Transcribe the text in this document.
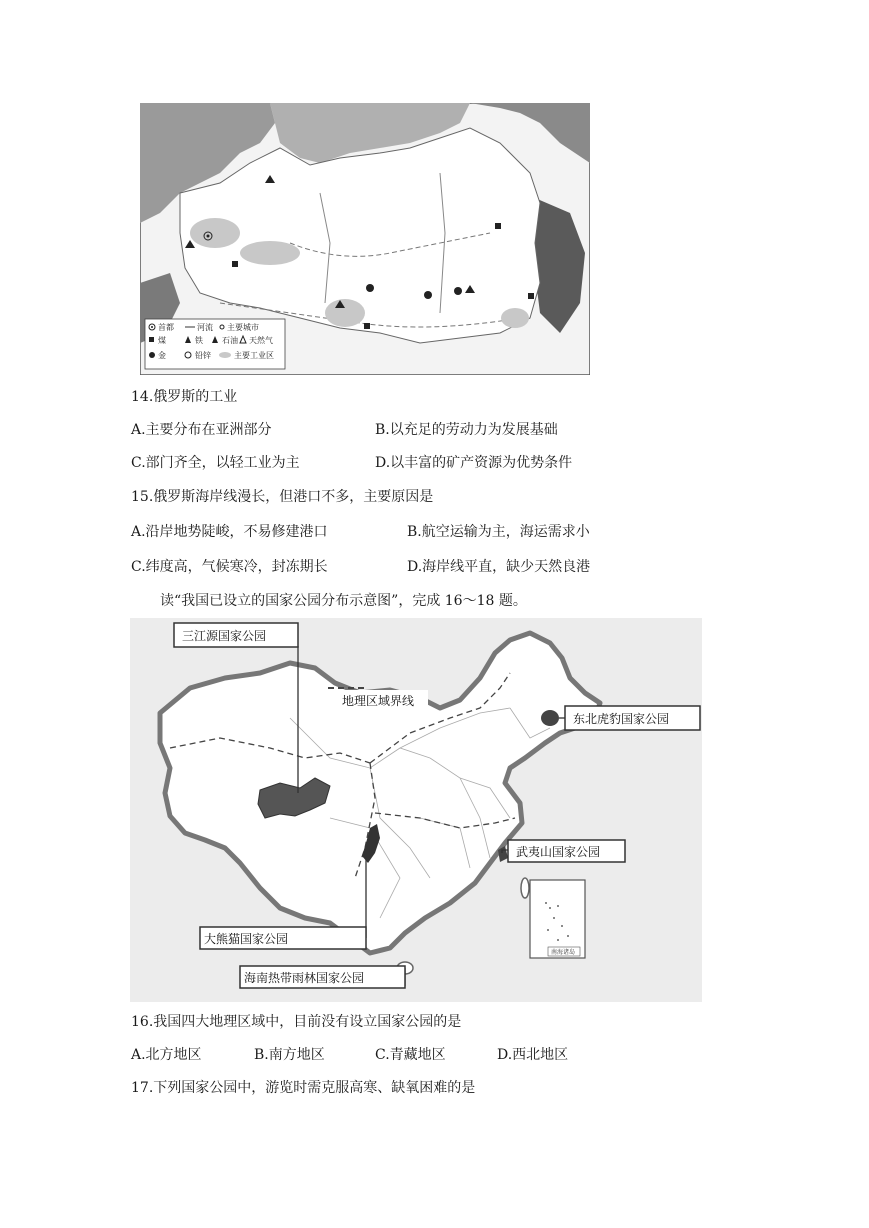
首都	河流 主要城市
煤	铁 石油 天然气
金	铅锌	主要工业区
14.俄罗斯的工业
A.主要分布在亚洲部分	B.以充足的劳动力为发展基础
C.部门齐全，以轻工业为主	D.以丰富的矿产资源为优势条件
15.俄罗斯海岸线漫长，但港口不多，主要原因是
A.沿岸地势陡峻，不易修建港口	B.航空运输为主，海运需求小
C.纬度高，气候寒冷，封冻期长	D.海岸线平直，缺少天然良港
读“我国已设立的国家公园分布示意图”，完成 16～18 题。
南海诸岛
三江源国家公园
地理区域界线
东北虎豹国家公园
武夷山国家公园
大熊猫国家公园
海南热带雨林国家公园
16.我国四大地理区域中，目前没有设立国家公园的是
A.北方地区	B.南方地区	C.青藏地区	D.西北地区
17.下列国家公园中，游览时需克服高寒、缺氧困难的是
